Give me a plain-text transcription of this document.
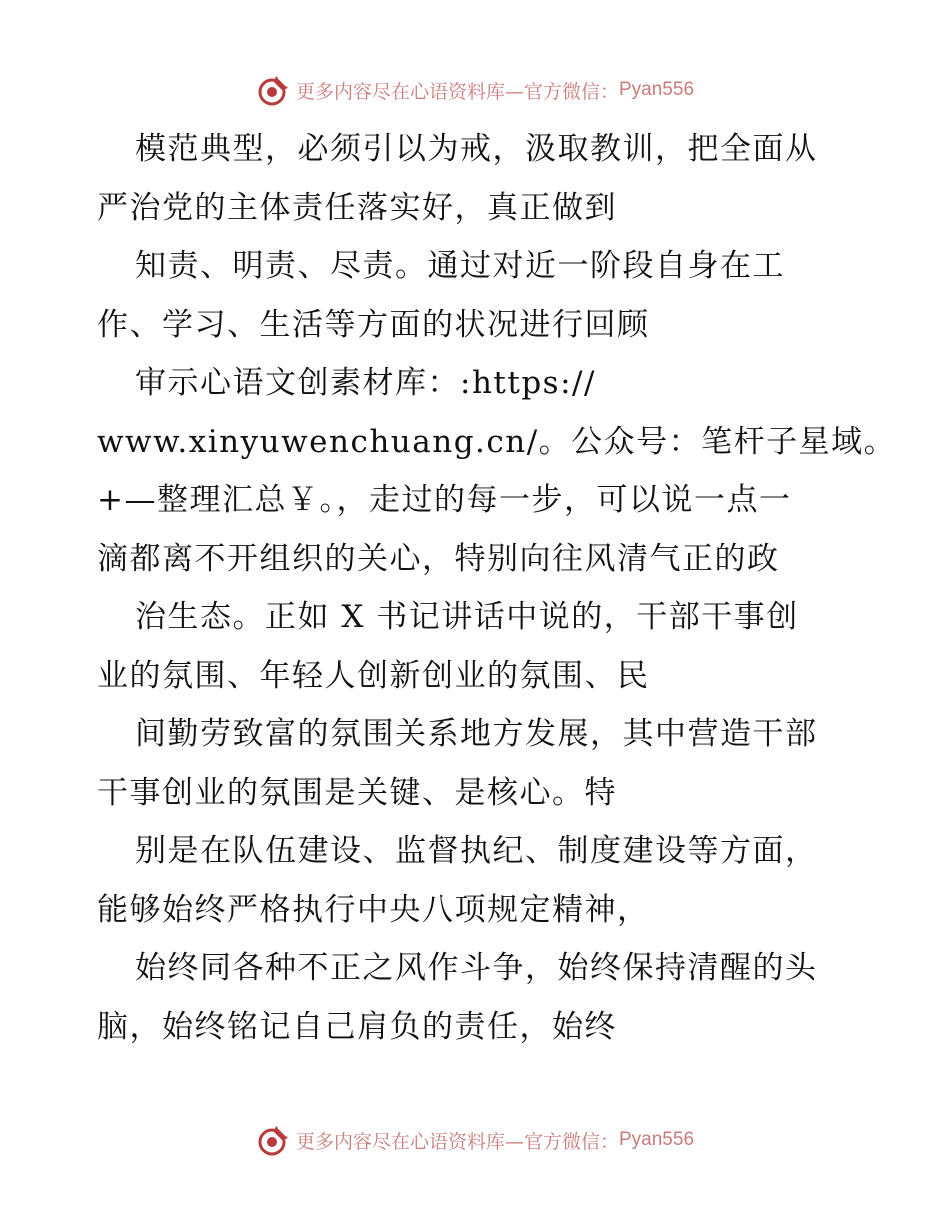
更多内容尽在心语资料库—官方微信： Pyan556
模范典型，必须引以为戒，汲取教训，把全面从
严治党的主体责任落实好，真正做到
知责、明责、尽责。通过对近一阶段自身在工
作、学习、生活等方面的状况进行回顾
审示心语文创素材库：:https://
www.xinyuwenchuang.cn/。公众号：笔杆子星域。
+—整理汇总￥。，走过的每一步，可以说一点一
滴都离不开组织的关心，特别向往风清气正的政
治生态。正如 X 书记讲话中说的，干部干事创
业的氛围、年轻人创新创业的氛围、民
间勤劳致富的氛围关系地方发展，其中营造干部
干事创业的氛围是关键、是核心。特
别是在队伍建设、监督执纪、制度建设等方面，
能够始终严格执行中央八项规定精神，
始终同各种不正之风作斗争，始终保持清醒的头
脑，始终铭记自己肩负的责任，始终
更多内容尽在心语资料库—官方微信： Pyan556
